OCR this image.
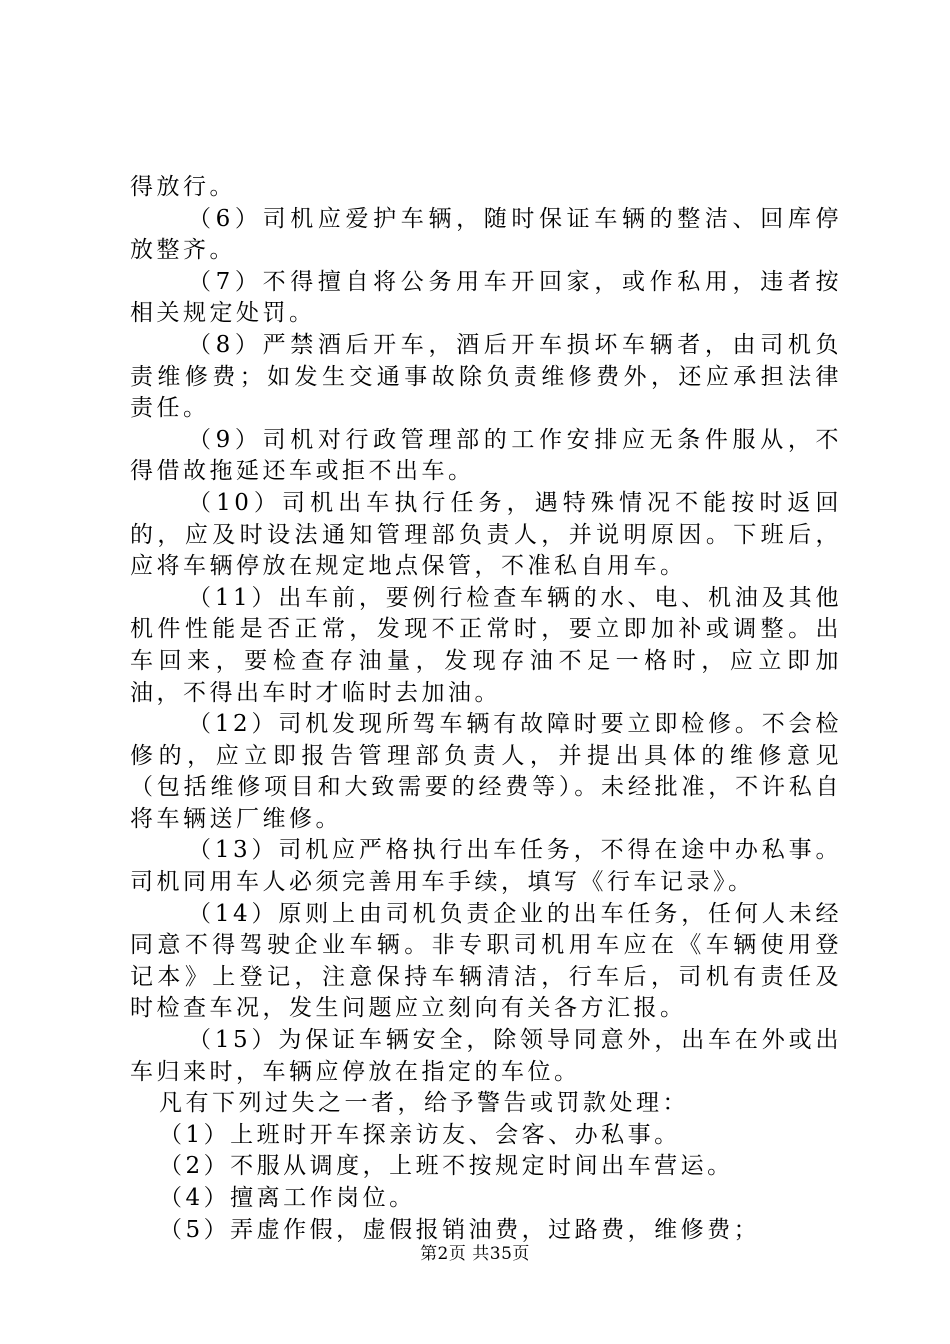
得放行。

（6）司机应爱护车辆，随时保证车辆的整洁、回库停放整齐。

（7）不得擅自将公务用车开回家，或作私用，违者按相关规定处罚。

（8）严禁酒后开车，酒后开车损坏车辆者，由司机负责维修费；如发生交通事故除负责维修费外，还应承担法律责任。

（9）司机对行政管理部的工作安排应无条件服从，不得借故拖延还车或拒不出车。

（10）司机出车执行任务，遇特殊情况不能按时返回的，应及时设法通知管理部负责人，并说明原因。下班后，应将车辆停放在规定地点保管，不准私自用车。

（11）出车前，要例行检查车辆的水、电、机油及其他机件性能是否正常，发现不正常时，要立即加补或调整。出车回来，要检查存油量，发现存油不足一格时，应立即加油，不得出车时才临时去加油。

（12）司机发现所驾车辆有故障时要立即检修。不会检修的，应立即报告管理部负责人，并提出具体的维修意见（包括维修项目和大致需要的经费等）。未经批准，不许私自将车辆送厂维修。

（13）司机应严格执行出车任务，不得在途中办私事。司机同用车人必须完善用车手续，填写《行车记录》。

（14）原则上由司机负责企业的出车任务，任何人未经同意不得驾驶企业车辆。非专职司机用车应在《车辆使用登记本》上登记，注意保持车辆清洁，行车后，司机有责任及时检查车况，发生问题应立刻向有关各方汇报。

（15）为保证车辆安全，除领导同意外，出车在外或出车归来时，车辆应停放在指定的车位。

凡有下列过失之一者，给予警告或罚款处理：

（1）上班时开车探亲访友、会客、办私事。

（2）不服从调度，上班不按规定时间出车营运。

（4）擅离工作岗位。

（5）弄虚作假，虚假报销油费，过路费，维修费；

第2页 共35页
